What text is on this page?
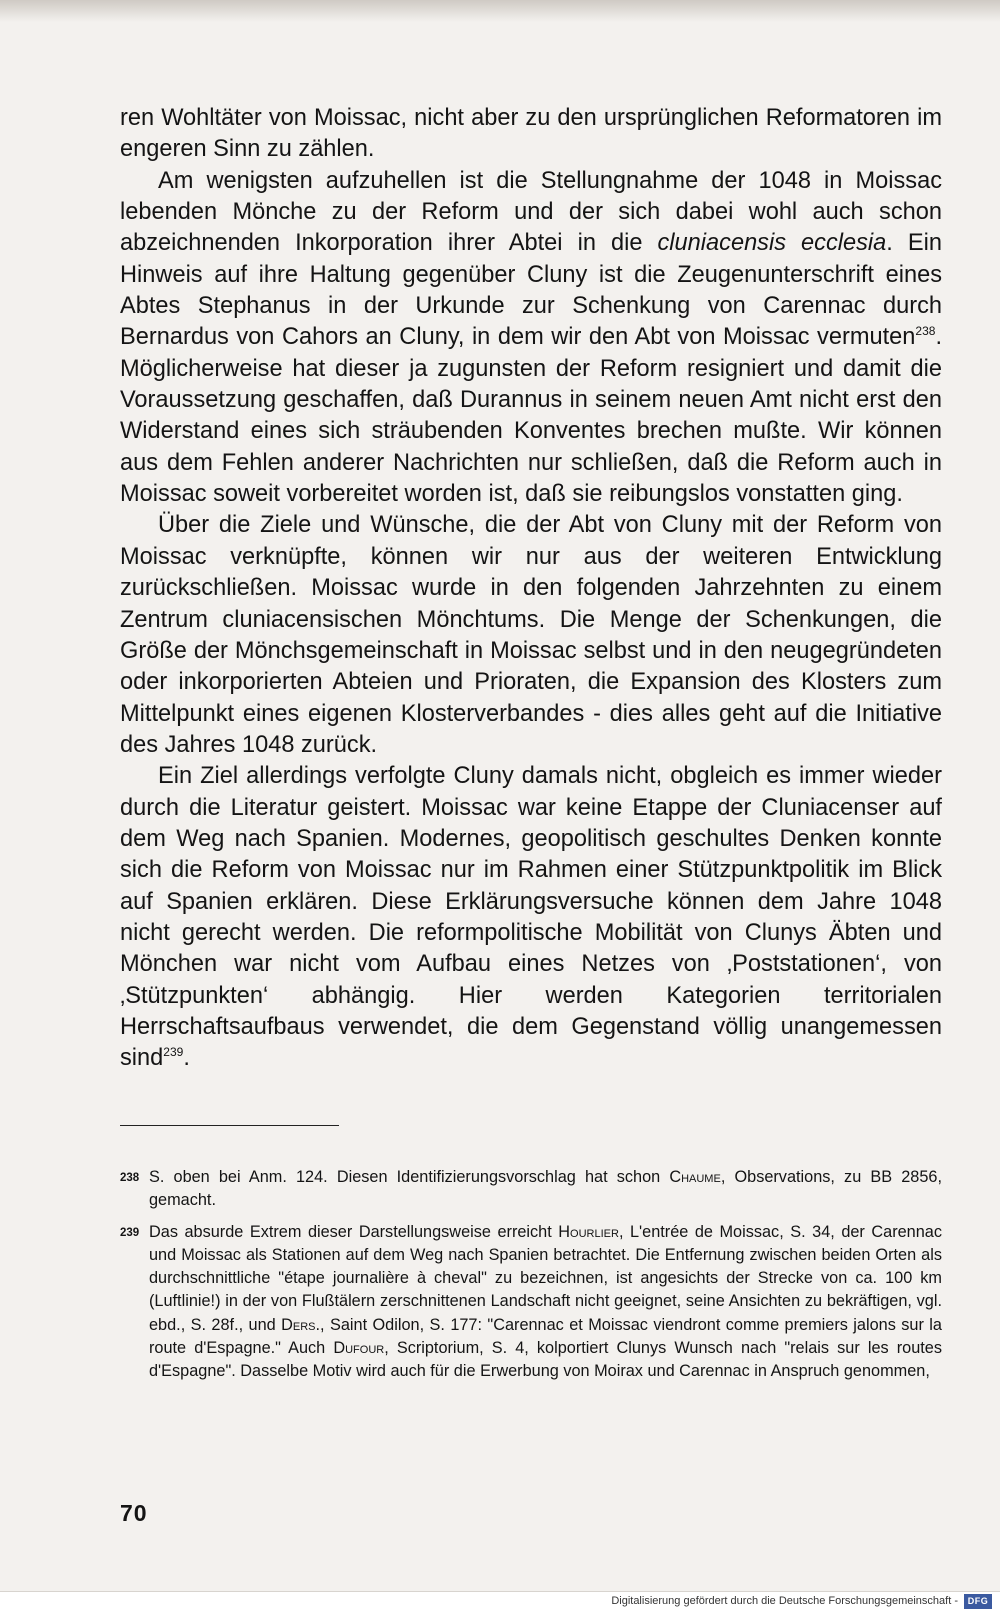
ren Wohltäter von Moissac, nicht aber zu den ursprünglichen Reformatoren im engeren Sinn zu zählen.

Am wenigsten aufzuhellen ist die Stellungnahme der 1048 in Moissac lebenden Mönche zu der Reform und der sich dabei wohl auch schon abzeichnenden Inkorporation ihrer Abtei in die cluniacensis ecclesia. Ein Hinweis auf ihre Haltung gegenüber Cluny ist die Zeugenunterschrift eines Abtes Stephanus in der Urkunde zur Schenkung von Carennac durch Bernardus von Cahors an Cluny, in dem wir den Abt von Moissac vermuten$^{238}$. Möglicherweise hat dieser ja zugunsten der Reform resigniert und damit die Voraussetzung geschaffen, daß Durannus in seinem neuen Amt nicht erst den Widerstand eines sich sträubenden Konventes brechen mußte. Wir können aus dem Fehlen anderer Nachrichten nur schließen, daß die Reform auch in Moissac soweit vorbereitet worden ist, daß sie reibungslos vonstatten ging.

Über die Ziele und Wünsche, die der Abt von Cluny mit der Reform von Moissac verknüpfte, können wir nur aus der weiteren Entwicklung zurückschließen. Moissac wurde in den folgenden Jahrzehnten zu einem Zentrum cluniacensischen Mönchtums. Die Menge der Schenkungen, die Größe der Mönchsgemeinschaft in Moissac selbst und in den neugegründeten oder inkorporierten Abteien und Prioraten, die Expansion des Klosters zum Mittelpunkt eines eigenen Klosterverbandes - dies alles geht auf die Initiative des Jahres 1048 zurück.

Ein Ziel allerdings verfolgte Cluny damals nicht, obgleich es immer wieder durch die Literatur geistert. Moissac war keine Etappe der Cluniacenser auf dem Weg nach Spanien. Modernes, geopolitisch geschultes Denken konnte sich die Reform von Moissac nur im Rahmen einer Stützpunktpolitik im Blick auf Spanien erklären. Diese Erklärungsversuche können dem Jahre 1048 nicht gerecht werden. Die reformpolitische Mobilität von Clunys Äbten und Mönchen war nicht vom Aufbau eines Netzes von ‚Poststationen‘, von ‚Stützpunkten‘ abhängig. Hier werden Kategorien territorialen Herrschaftsaufbaus verwendet, die dem Gegenstand völlig unangemessen sind$^{239}$.

238 S. oben bei Anm. 124. Diesen Identifizierungsvorschlag hat schon Chaume, Observations, zu BB 2856, gemacht.
239 Das absurde Extrem dieser Darstellungsweise erreicht Hourlier, L'entrée de Moissac, S. 34, der Carennac und Moissac als Stationen auf dem Weg nach Spanien betrachtet. Die Entfernung zwischen beiden Orten als durchschnittliche "étape journalière à cheval" zu bezeichnen, ist angesichts der Strecke von ca. 100 km (Luftlinie!) in der von Flußtälern zerschnittenen Landschaft nicht geeignet, seine Ansichten zu bekräftigen, vgl. ebd., S. 28f., und Ders., Saint Odilon, S. 177: "Carennac et Moissac viendront comme premiers jalons sur la route d'Espagne." Auch Dufour, Scriptorium, S. 4, kolportiert Clunys Wunsch nach "relais sur les routes d'Espagne". Dasselbe Motiv wird auch für die Erwerbung von Moirax und Carennac in Anspruch genommen,
70
Digitalisierung gefördert durch die Deutsche Forschungsgemeinschaft -	DFG
